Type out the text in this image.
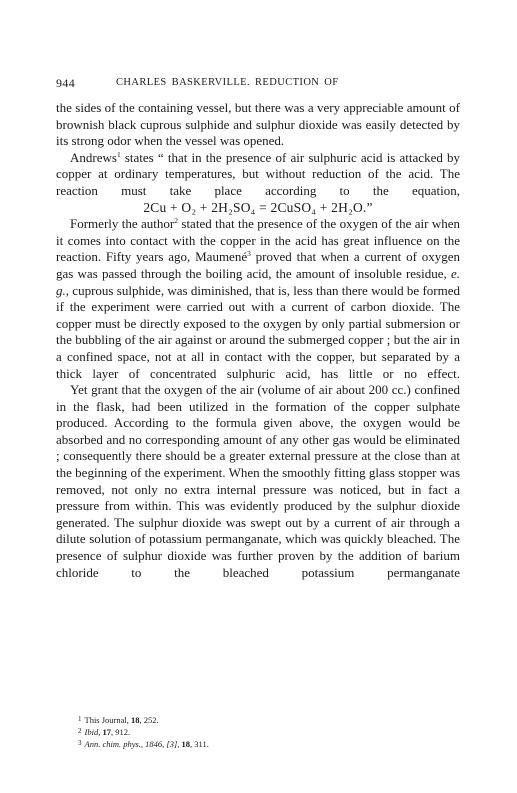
944	CHARLES BASKERVILLE. REDUCTION OF

the sides of the containing vessel, but there was a very appreciable amount of brownish black cuprous sulphide and sulphur dioxide was easily detected by its strong odor when the vessel was opened.

Andrews$^1$ states “ that in the presence of air sulphuric acid is attacked by copper at ordinary temperatures, but without reduction of the acid. The reaction must take place according to the equation,

2Cu + O₂ + 2H₂SO₄ = 2CuSO₄ + 2H₂O.”

Formerly the author$^2$ stated that the presence of the oxygen of the air when it comes into contact with the copper in the acid has great influence on the reaction. Fifty years ago, Maumené$^3$ proved that when a current of oxygen gas was passed through the boiling acid, the amount of insoluble residue, e. g., cuprous sulphide, was diminished, that is, less than there would be formed if the experiment were carried out with a current of carbon dioxide. The copper must be directly exposed to the oxygen by only partial submersion or the bubbling of the air against or around the submerged copper ; but the air in a confined space, not at all in contact with the copper, but separated by a thick layer of concentrated sulphuric acid, has little or no effect.

Yet grant that the oxygen of the air (volume of air about 200 cc.) confined in the flask, had been utilized in the formation of the copper sulphate produced. According to the formula given above, the oxygen would be absorbed and no corresponding amount of any other gas would be eliminated ; consequently there should be a greater external pressure at the close than at the beginning of the experiment. When the smoothly fitting glass stopper was removed, not only no extra internal pressure was noticed, but in fact a pressure from within. This was evidently produced by the sulphur dioxide generated. The sulphur dioxide was swept out by a current of air through a dilute solution of potassium permanganate, which was quickly bleached. The presence of sulphur dioxide was further proven by the addition of barium chloride to the bleached potassium permanganate

$^1$ This Journal, 18, 252.
$^2$ Ibid, 17, 912.
$^3$ Ann. chim. phys., 1846, [3], 18, 311.
